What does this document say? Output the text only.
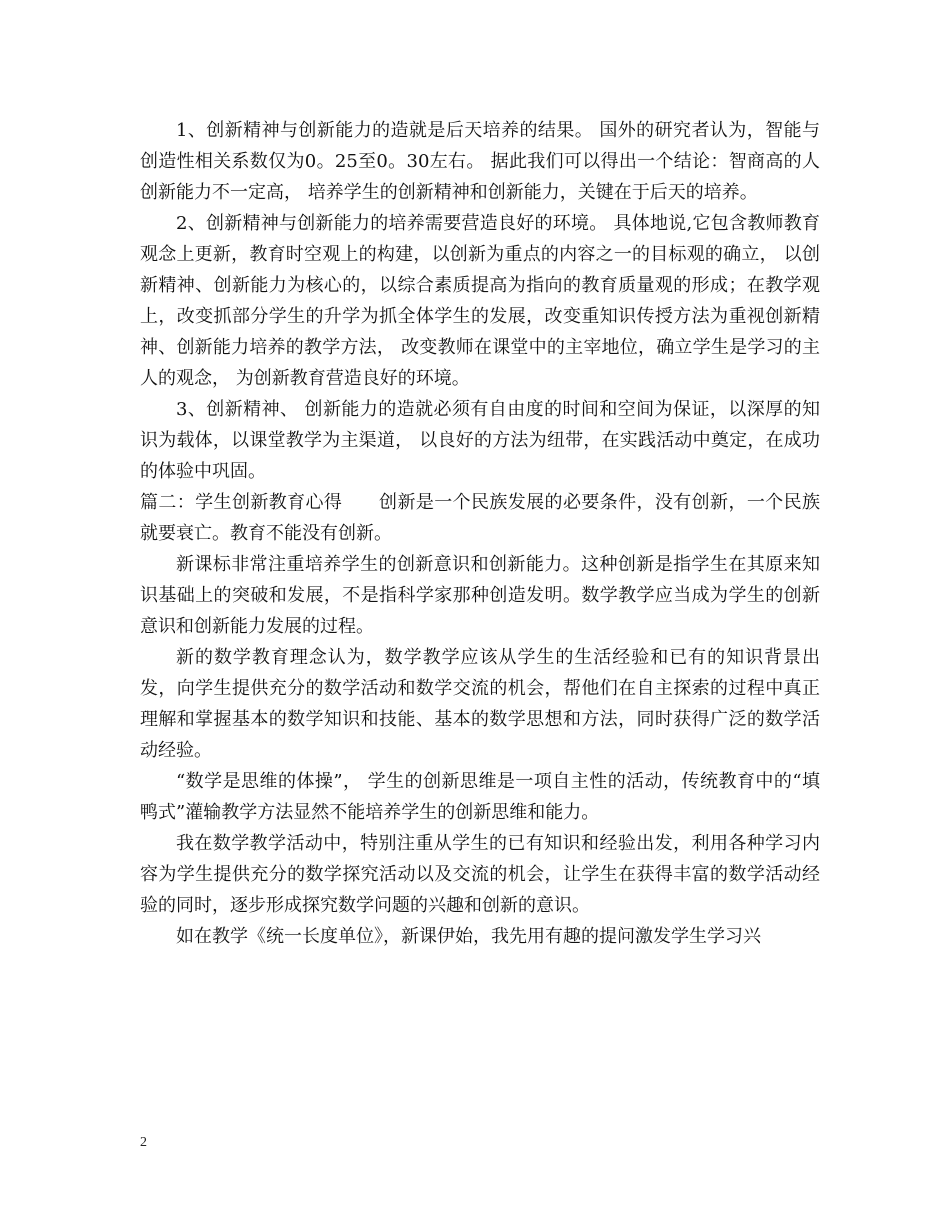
1、创新精神与创新能力的造就是后天培养的结果。 国外的研究者认为，智能与创造性相关系数仅为0。25至0。30左右。 据此我们可以得出一个结论：智商高的人创新能力不一定高， 培养学生的创新精神和创新能力，关键在于后天的培养。

2、创新精神与创新能力的培养需要营造良好的环境。 具体地说,它包含教师教育观念上更新，教育时空观上的构建，以创新为重点的内容之一的目标观的确立， 以创新精神、创新能力为核心的，以综合素质提高为指向的教育质量观的形成；在教学观上，改变抓部分学生的升学为抓全体学生的发展，改变重知识传授方法为重视创新精神、创新能力培养的教学方法， 改变教师在课堂中的主宰地位，确立学生是学习的主人的观念， 为创新教育营造良好的环境。

3、创新精神、 创新能力的造就必须有自由度的时间和空间为保证，以深厚的知识为载体，以课堂教学为主渠道， 以良好的方法为纽带，在实践活动中奠定，在成功的体验中巩固。

篇二：学生创新教育心得　　创新是一个民族发展的必要条件，没有创新，一个民族就要衰亡。教育不能没有创新。

新课标非常注重培养学生的创新意识和创新能力。这种创新是指学生在其原来知识基础上的突破和发展，不是指科学家那种创造发明。数学教学应当成为学生的创新意识和创新能力发展的过程。

新的数学教育理念认为，数学教学应该从学生的生活经验和已有的知识背景出发，向学生提供充分的数学活动和数学交流的机会，帮他们在自主探索的过程中真正理解和掌握基本的数学知识和技能、基本的数学思想和方法，同时获得广泛的数学活动经验。

“数学是思维的体操”， 学生的创新思维是一项自主性的活动，传统教育中的“填鸭式”灌输教学方法显然不能培养学生的创新思维和能力。

我在数学教学活动中，特别注重从学生的已有知识和经验出发，利用各种学习内容为学生提供充分的数学探究活动以及交流的机会，让学生在获得丰富的数学活动经验的同时，逐步形成探究数学问题的兴趣和创新的意识。

如在教学《统一长度单位》，新课伊始，我先用有趣的提问激发学生学习兴

2
